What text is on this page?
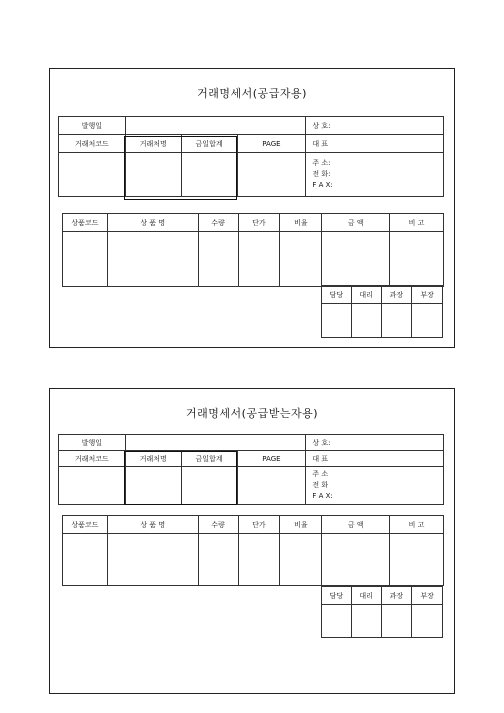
거래명세서(공급자용)
발행일				상 호:
거래처코드	거래처명	금일합계	PAGE	대 표

				주 소:
전 화:
F A X:
상품코드	상 품 명	수량	단가	비율	금 액	비 고

담당	대리	과장	부장

거래명세서(공급받는자용)
발행일				상 호:
거래처코드	거래처명	금일합계	PAGE	대 표

				주 소
전 화
F A X:
상품코드	상 품 명	수량	단가	비율	금 액	비 고

담당	대리	과장	부장
